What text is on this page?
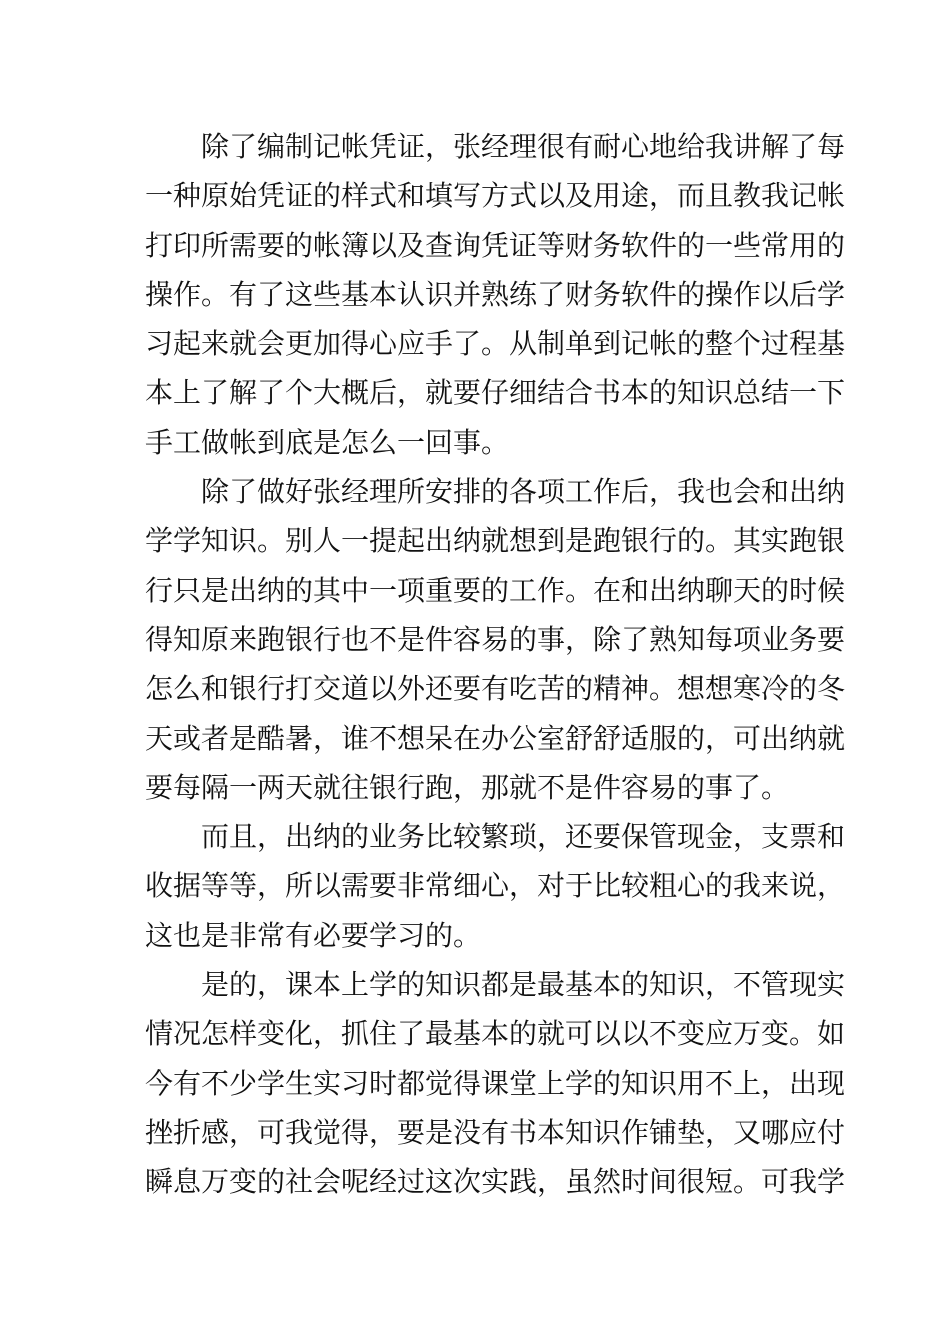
除了编制记帐凭证，张经理很有耐心地给我讲解了每
一种原始凭证的样式和填写方式以及用途，而且教我记帐
打印所需要的帐簿以及查询凭证等财务软件的一些常用的
操作。有了这些基本认识并熟练了财务软件的操作以后学
习起来就会更加得心应手了。从制单到记帐的整个过程基
本上了解了个大概后，就要仔细结合书本的知识总结一下
手工做帐到底是怎么一回事。
除了做好张经理所安排的各项工作后，我也会和出纳
学学知识。别人一提起出纳就想到是跑银行的。其实跑银
行只是出纳的其中一项重要的工作。在和出纳聊天的时候
得知原来跑银行也不是件容易的事，除了熟知每项业务要
怎么和银行打交道以外还要有吃苦的精神。想想寒冷的冬
天或者是酷暑，谁不想呆在办公室舒舒适服的，可出纳就
要每隔一两天就往银行跑，那就不是件容易的事了。
而且，出纳的业务比较繁琐，还要保管现金，支票和
收据等等，所以需要非常细心，对于比较粗心的我来说，
这也是非常有必要学习的。
是的，课本上学的知识都是最基本的知识，不管现实
情况怎样变化，抓住了最基本的就可以以不变应万变。如
今有不少学生实习时都觉得课堂上学的知识用不上，出现
挫折感，可我觉得，要是没有书本知识作铺垫，又哪应付
瞬息万变的社会呢经过这次实践，虽然时间很短。可我学
